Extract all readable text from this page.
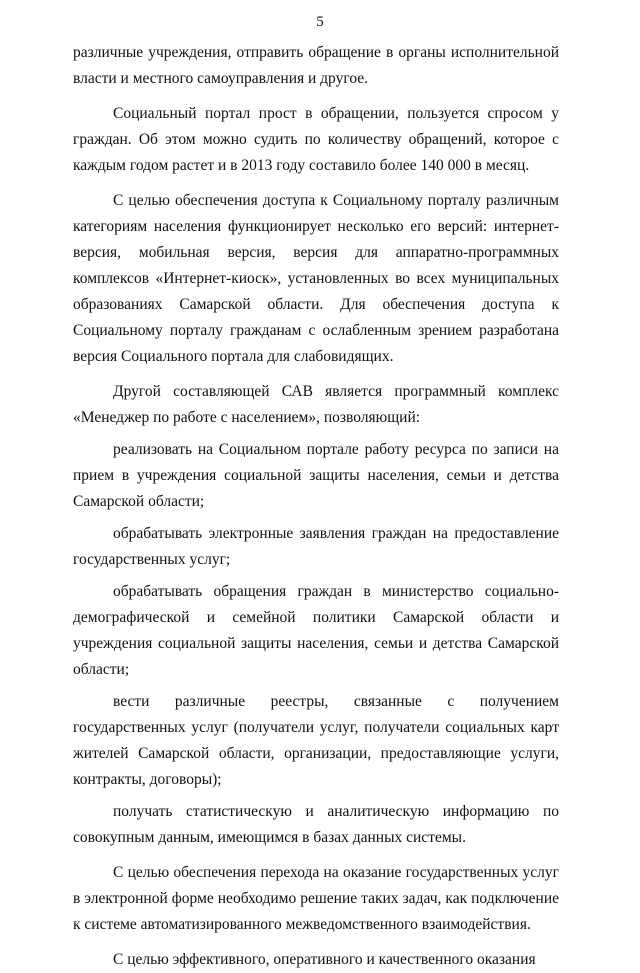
5

различные учреждения, отправить обращение в органы исполнительной власти и местного самоуправления и другое.

Социальный портал прост в обращении, пользуется спросом у граждан. Об этом можно судить по количеству обращений, которое с каждым годом растет и в 2013 году составило более 140 000 в месяц.

С целью обеспечения доступа к Социальному порталу различным категориям населения функционирует несколько его версий: интернет-версия, мобильная версия, версия для аппаратно-программных комплексов «Интернет-киоск», установленных во всех муниципальных образованиях Самарской области. Для обеспечения доступа к Социальному порталу гражданам с ослабленным зрением разработана версия Социального портала для слабовидящих.

Другой составляющей САВ является программный комплекс «Менеджер по работе с населением», позволяющий:

реализовать на Социальном портале работу ресурса по записи на прием в учреждения социальной защиты населения, семьи и детства Самарской области;

обрабатывать электронные заявления граждан на предоставление государственных услуг;

обрабатывать обращения граждан в министерство социально-демографической и семейной политики Самарской области и учреждения социальной защиты населения, семьи и детства Самарской области;

вести различные реестры, связанные с получением государственных услуг (получатели услуг, получатели социальных карт жителей Самарской области, организации, предоставляющие услуги, контракты, договоры);

получать статистическую и аналитическую информацию по совокупным данным, имеющимся в базах данных системы.

С целью обеспечения перехода на оказание государственных услуг в электронной форме необходимо решение таких задач, как подключение к системе автоматизированного межведомственного взаимодействия.

С целью эффективного, оперативного и качественного оказания
